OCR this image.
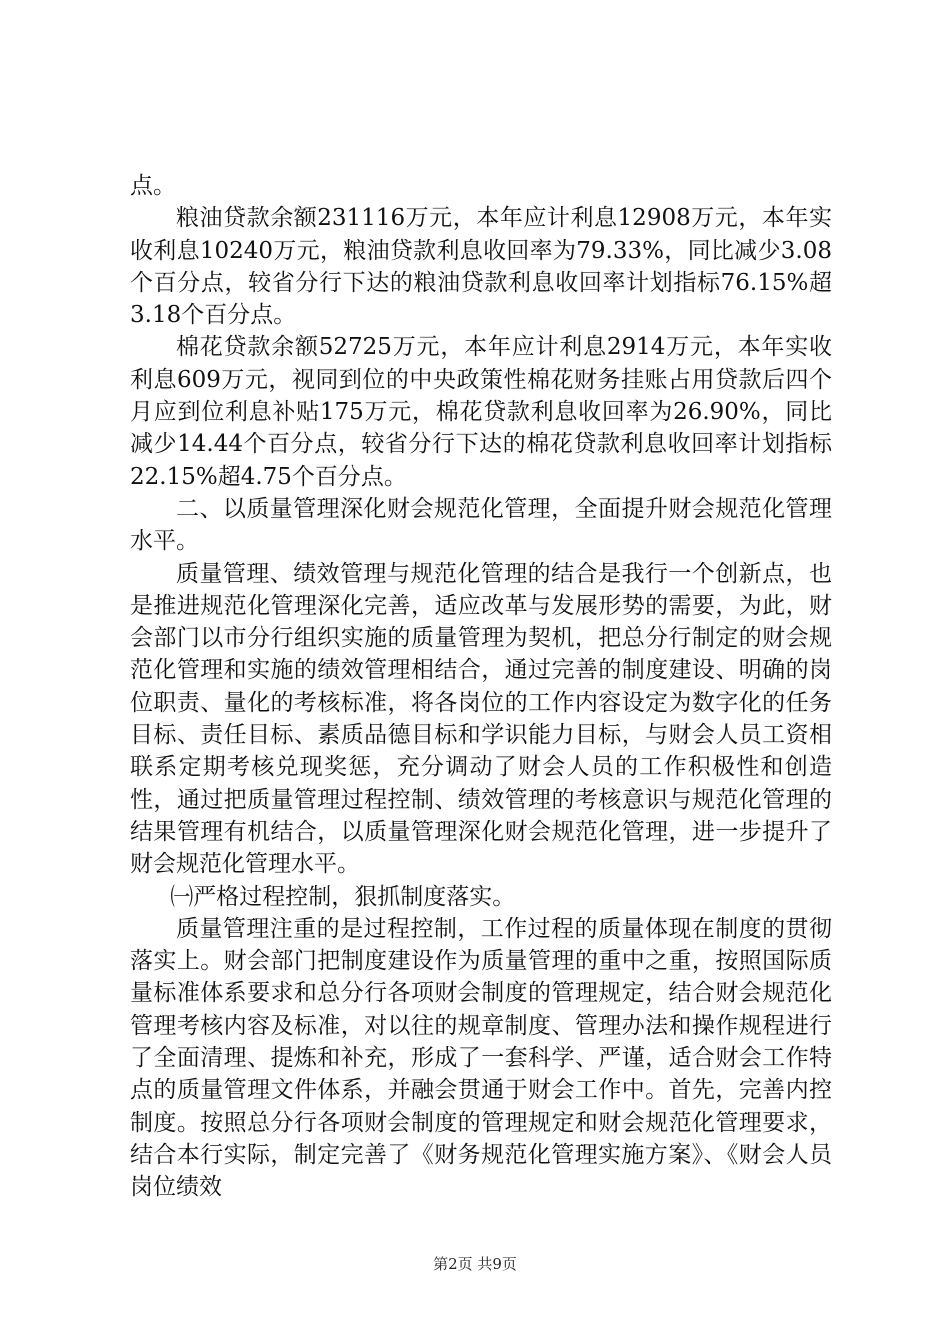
点。

粮油贷款余额231116万元，本年应计利息12908万元，本年实收利息10240万元，粮油贷款利息收回率为79.33%，同比减少3.08个百分点，较省分行下达的粮油贷款利息收回率计划指标76.15%超3.18个百分点。

棉花贷款余额52725万元，本年应计利息2914万元，本年实收利息609万元，视同到位的中央政策性棉花财务挂账占用贷款后四个月应到位利息补贴175万元，棉花贷款利息收回率为26.90%，同比减少14.44个百分点，较省分行下达的棉花贷款利息收回率计划指标22.15%超4.75个百分点。

二、以质量管理深化财会规范化管理，全面提升财会规范化管理水平。

质量管理、绩效管理与规范化管理的结合是我行一个创新点，也是推进规范化管理深化完善，适应改革与发展形势的需要，为此，财会部门以市分行组织实施的质量管理为契机，把总分行制定的财会规范化管理和实施的绩效管理相结合，通过完善的制度建设、明确的岗位职责、量化的考核标准，将各岗位的工作内容设定为数字化的任务目标、责任目标、素质品德目标和学识能力目标，与财会人员工资相联系定期考核兑现奖惩，充分调动了财会人员的工作积极性和创造性，通过把质量管理过程控制、绩效管理的考核意识与规范化管理的结果管理有机结合，以质量管理深化财会规范化管理，进一步提升了财会规范化管理水平。

㈠严格过程控制，狠抓制度落实。

质量管理注重的是过程控制，工作过程的质量体现在制度的贯彻落实上。财会部门把制度建设作为质量管理的重中之重，按照国际质量标准体系要求和总分行各项财会制度的管理规定，结合财会规范化管理考核内容及标准，对以往的规章制度、管理办法和操作规程进行了全面清理、提炼和补充，形成了一套科学、严谨，适合财会工作特点的质量管理文件体系，并融会贯通于财会工作中。首先，完善内控制度。按照总分行各项财会制度的管理规定和财会规范化管理要求，结合本行实际，制定完善了《财务规范化管理实施方案》、《财会人员岗位绩效

第2页 共9页
